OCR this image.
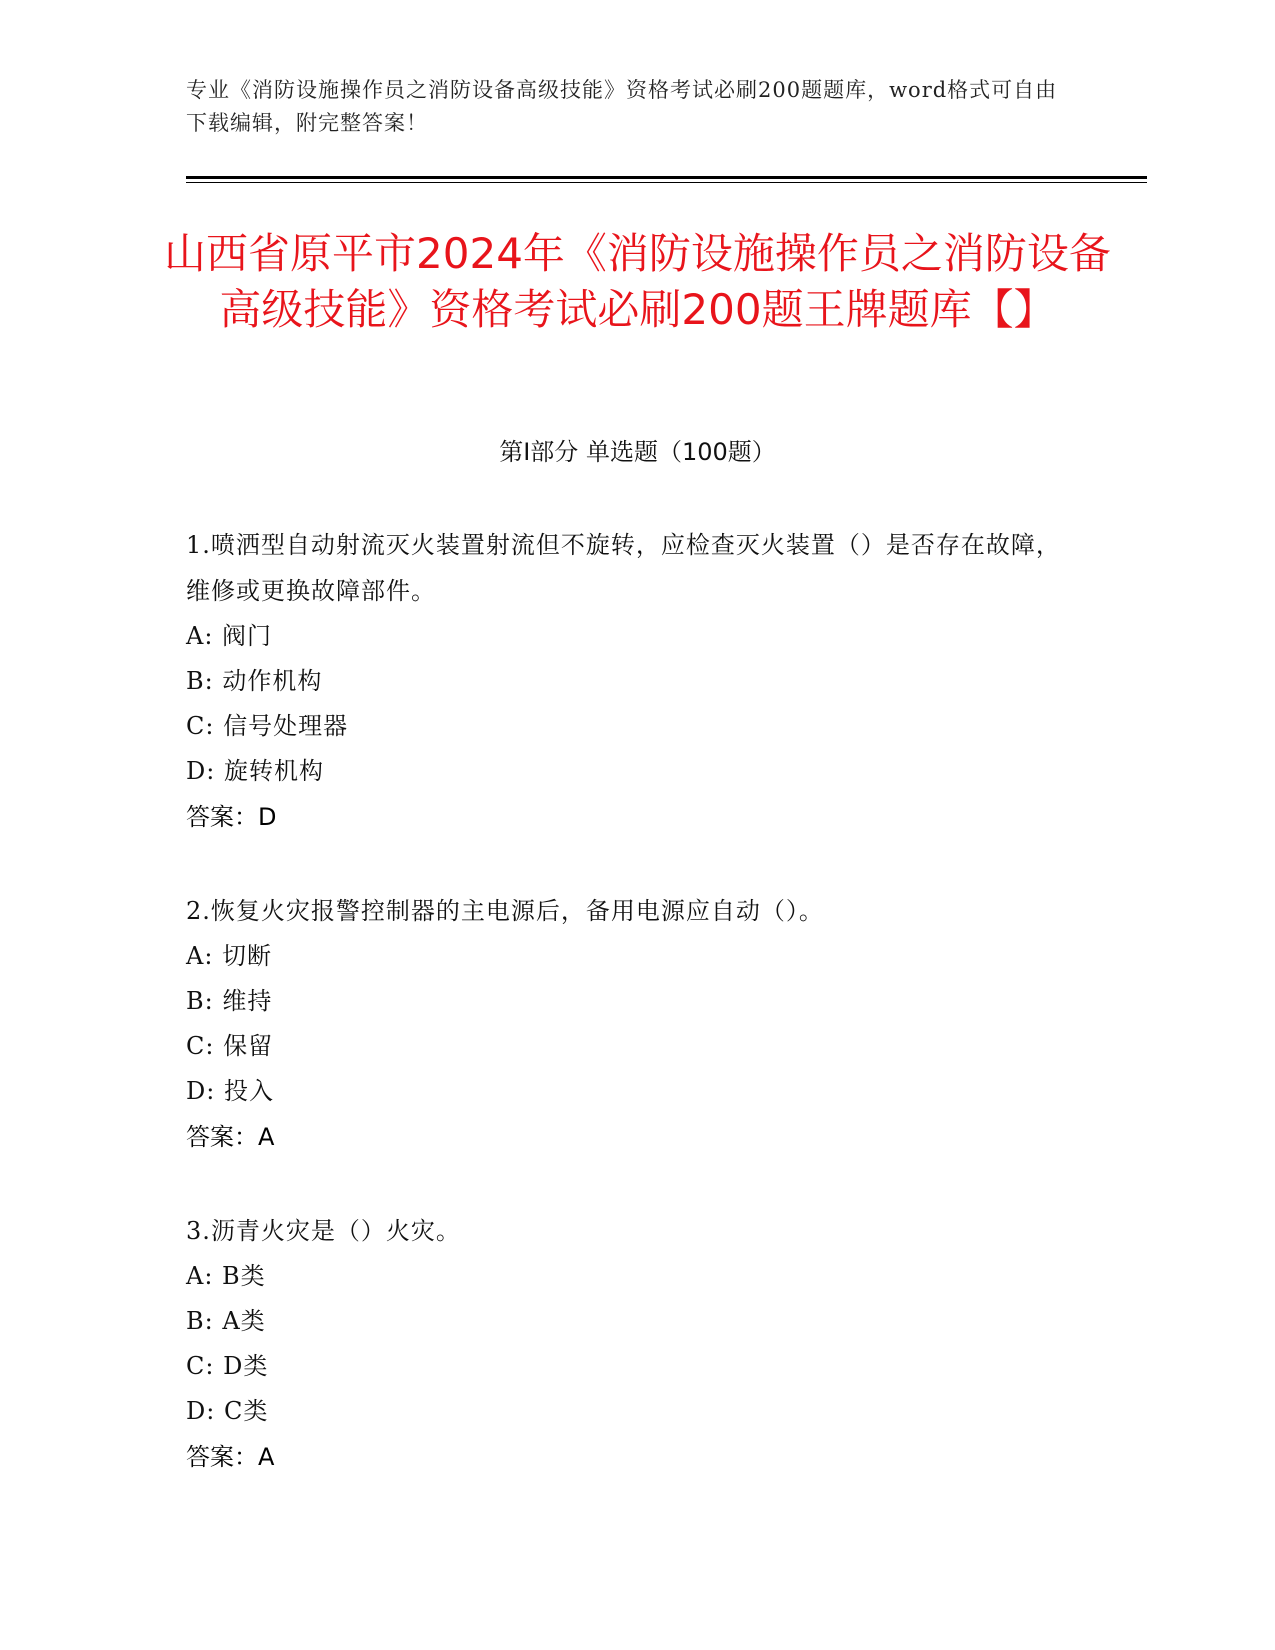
专业《消防设施操作员之消防设备高级技能》资格考试必刷200题题库，word格式可自由下载编辑，附完整答案！
山西省原平市2024年《消防设施操作员之消防设备高级技能》资格考试必刷200题王牌题库【】
第I部分 单选题（100题）
1.喷洒型自动射流灭火装置射流但不旋转，应检查灭火装置（）是否存在故障，维修或更换故障部件。
A: 阀门
B: 动作机构
C: 信号处理器
D: 旋转机构
答案：D
2.恢复火灾报警控制器的主电源后，备用电源应自动（）。
A: 切断
B: 维持
C: 保留
D: 投入
答案：A
3.沥青火灾是（）火灾。
A: B类
B: A类
C: D类
D: C类
答案：A
